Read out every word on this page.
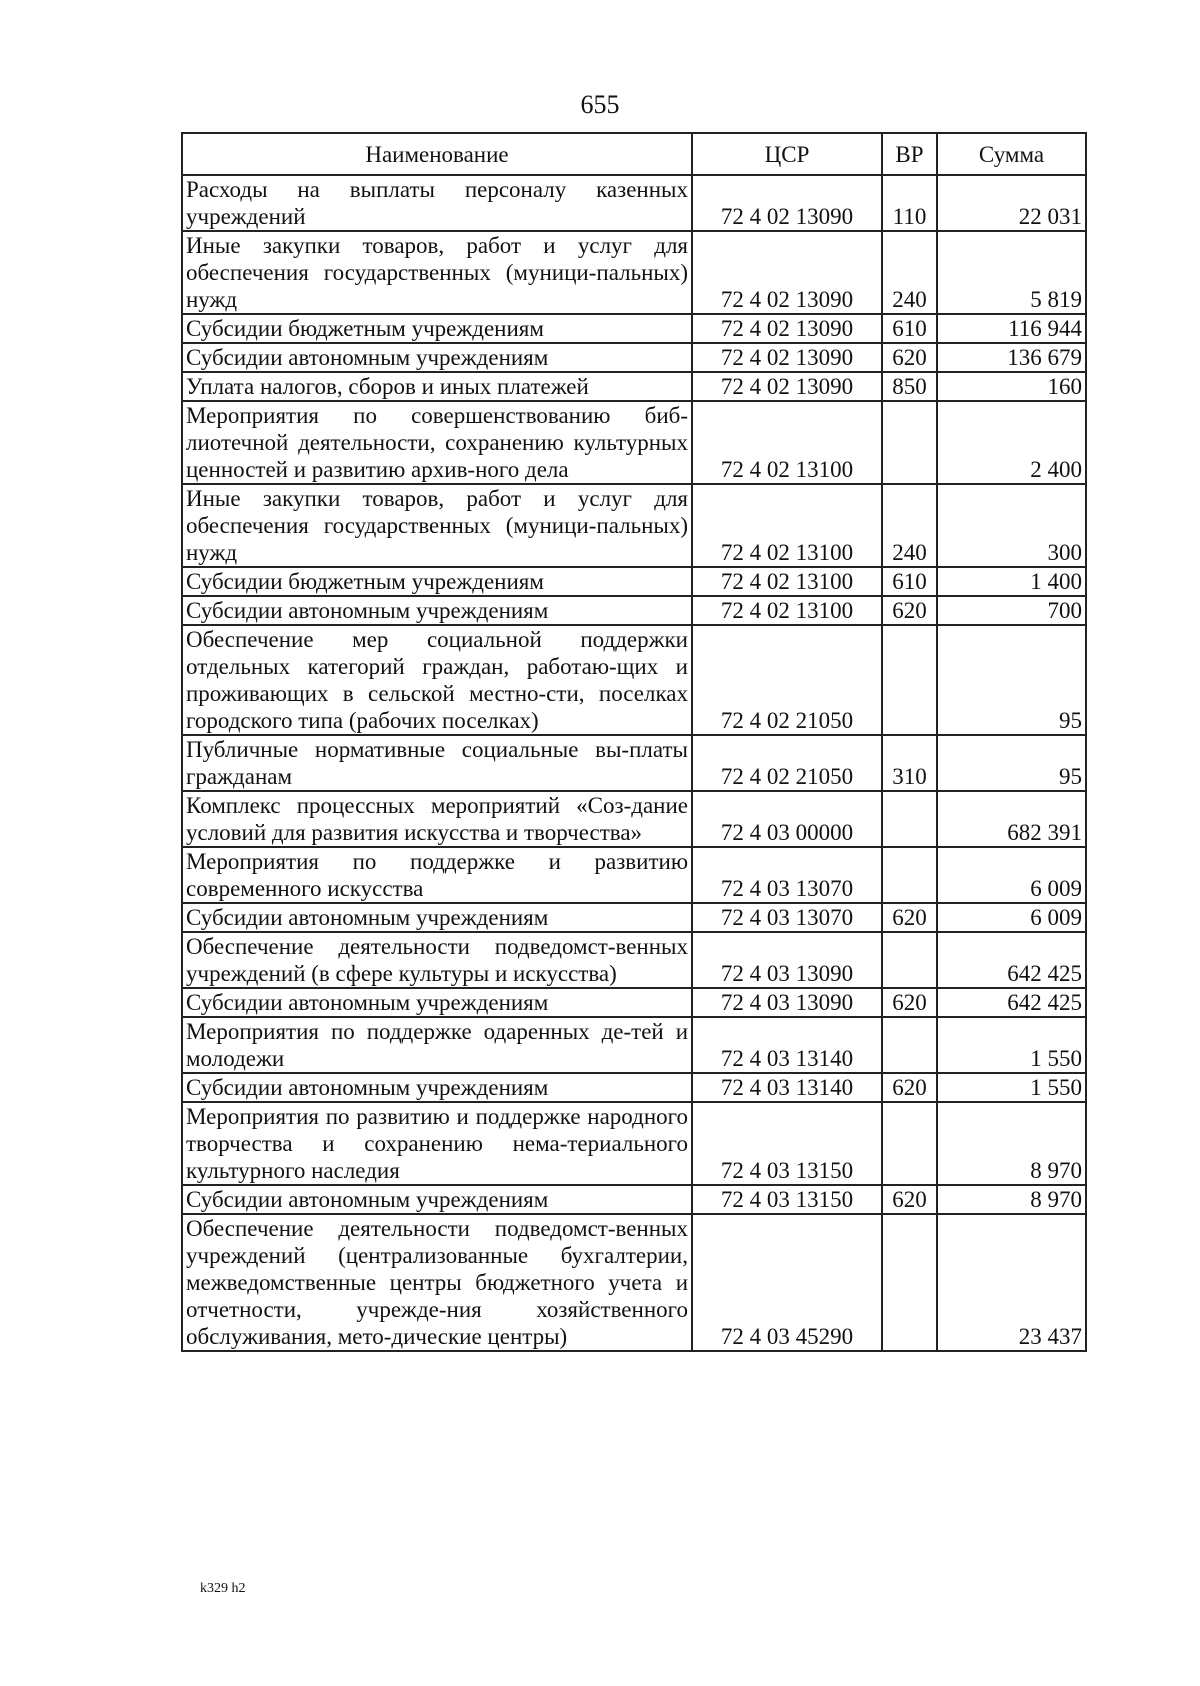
655
Наименование	ЦСР	ВР	Сумма
Расходы на выплаты персоналу казенных учреждений	72 4 02 13090	110	22 031
Иные закупки товаров, работ и услуг для обеспечения государственных (муници-пальных) нужд	72 4 02 13090	240	5 819
Субсидии бюджетным учреждениям	72 4 02 13090	610	116 944
Субсидии автономным учреждениям	72 4 02 13090	620	136 679
Уплата налогов, сборов и иных платежей	72 4 02 13090	850	160
Мероприятия по совершенствованию биб-лиотечной деятельности, сохранению культурных ценностей и развитию архив-ного дела	72 4 02 13100		2 400
Иные закупки товаров, работ и услуг для обеспечения государственных (муници-пальных) нужд	72 4 02 13100	240	300
Субсидии бюджетным учреждениям	72 4 02 13100	610	1 400
Субсидии автономным учреждениям	72 4 02 13100	620	700
Обеспечение мер социальной поддержки отдельных категорий граждан, работаю-щих и проживающих в сельской местно-сти, поселках городского типа (рабочих поселках)	72 4 02 21050		95
Публичные нормативные социальные вы-платы гражданам	72 4 02 21050	310	95
Комплекс процессных мероприятий «Соз-дание условий для развития искусства и творчества»	72 4 03 00000		682 391
Мероприятия по поддержке и развитию современного искусства	72 4 03 13070		6 009
Субсидии автономным учреждениям	72 4 03 13070	620	6 009
Обеспечение деятельности подведомст-венных учреждений (в сфере культуры и искусства)	72 4 03 13090		642 425
Субсидии автономным учреждениям	72 4 03 13090	620	642 425
Мероприятия по поддержке одаренных де-тей и молодежи	72 4 03 13140		1 550
Субсидии автономным учреждениям	72 4 03 13140	620	1 550
Мероприятия по развитию и поддержке народного творчества и сохранению нема-териального культурного наследия	72 4 03 13150		8 970
Субсидии автономным учреждениям	72 4 03 13150	620	8 970
Обеспечение деятельности подведомст-венных учреждений (централизованные бухгалтерии, межведомственные центры бюджетного учета и отчетности, учрежде-ния хозяйственного обслуживания, мето-дические центры)	72 4 03 45290		23 437
k329 h2
